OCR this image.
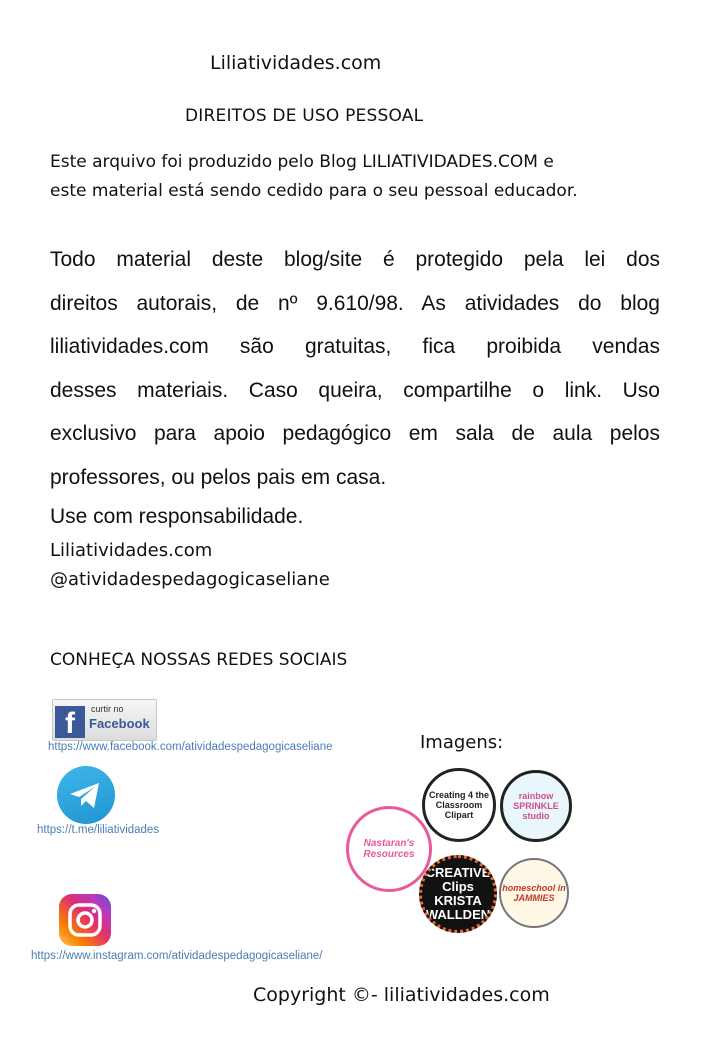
Liliatividades.com
DIREITOS DE USO PESSOAL
Este arquivo foi produzido pelo Blog LILIATIVIDADES.COM e
este material está sendo cedido para o seu pessoal educador.
Todo material deste blog/site é protegido pela lei dos
direitos autorais, de nº 9.610/98. As atividades do blog
liliatividades.com são gratuitas, fica proibida vendas
desses materiais. Caso queira, compartilhe o link. Uso
exclusivo para apoio pedagógico em sala de aula pelos
professores, ou pelos pais em casa.
Use com responsabilidade.
Liliatividades.com
@atividadespedagogicaseliane
CONHEÇA NOSSAS REDES SOCIAIS
f	curtir no
Facebook
https://www.facebook.com/atividadespedagogicaseliane
https://t.me/liliatividades
https://www.instagram.com/atividadespedagogicaseliane/
Imagens:
Creating 4 the Classroom Clipart
rainbow SPRINKLE studio
Nastaran's Resources
CREATIVE Clips KRISTA WALLDEN
homeschool in JAMMIES
Copyright ©- liliatividades.com
